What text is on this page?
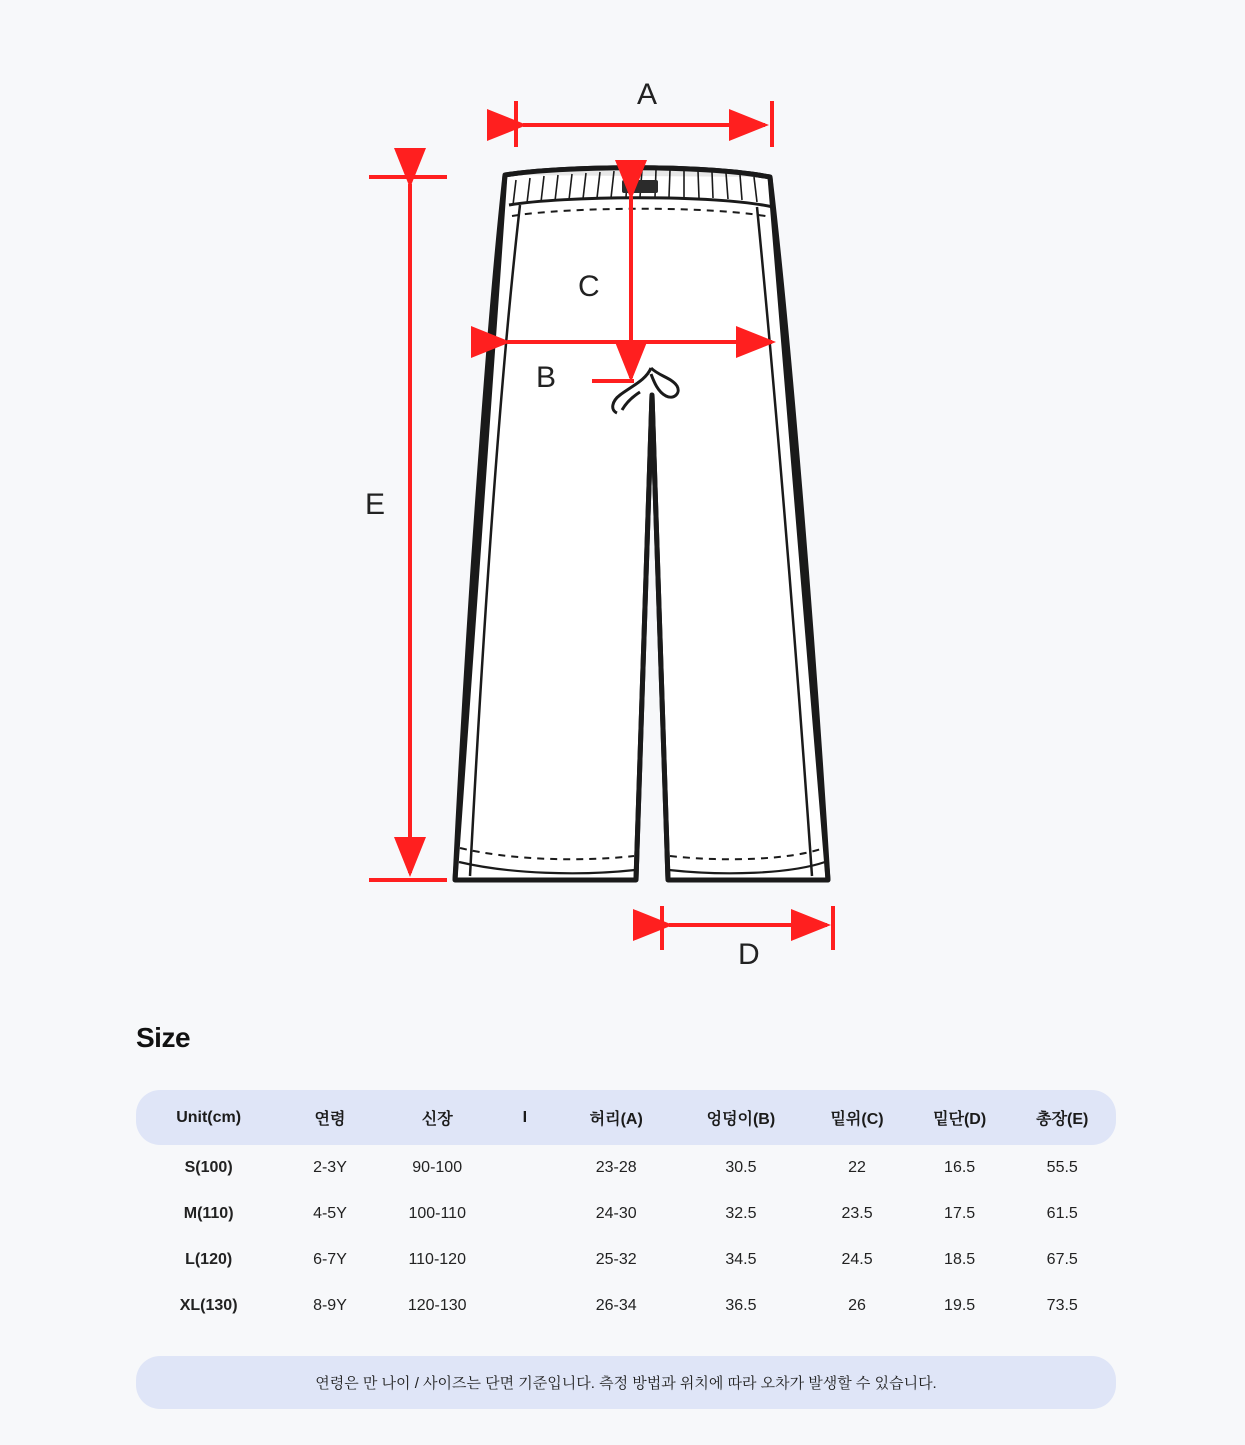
A
B
C
D
E
Size
Unit(cm)	연령	신장	I	허리(A)	엉덩이(B)	밑위(C)	밑단(D)	총장(E)
S(100)	2-3Y	90-100		23-28	30.5	22	16.5	55.5
M(110)	4-5Y	100-110		24-30	32.5	23.5	17.5	61.5
L(120)	6-7Y	110-120		25-32	34.5	24.5	18.5	67.5
XL(130)	8-9Y	120-130		26-34	36.5	26	19.5	73.5
연령은 만 나이 / 사이즈는 단면 기준입니다. 측정 방법과 위치에 따라 오차가 발생할 수 있습니다.
